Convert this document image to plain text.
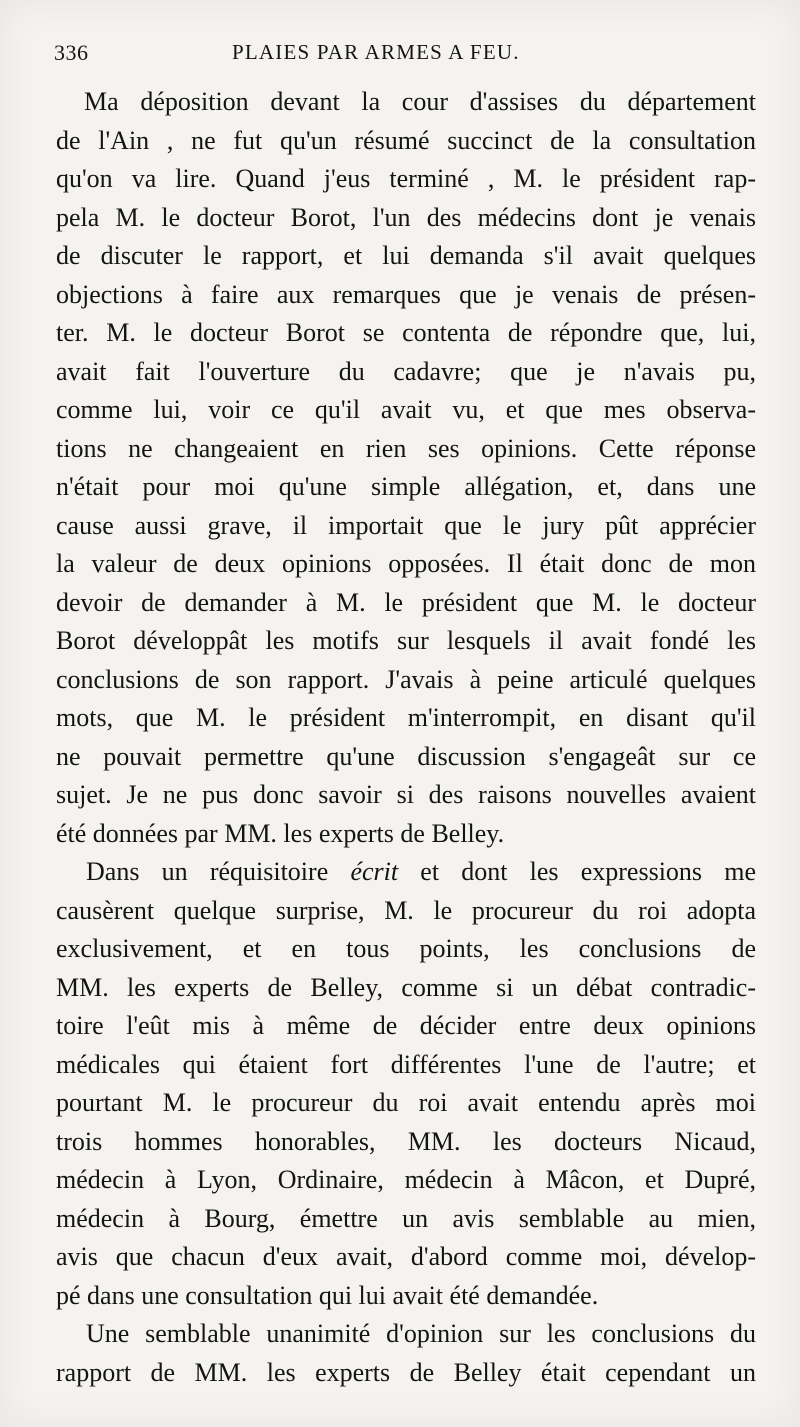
336	PLAIES PAR ARMES A FEU.
Ma déposition devant la cour d'assises du département
de l'Ain , ne fut qu'un résumé succinct de la consultation
qu'on va lire. Quand j'eus terminé , M. le président rap-
pela M. le docteur Borot, l'un des médecins dont je venais
de discuter le rapport, et lui demanda s'il avait quelques
objections à faire aux remarques que je venais de présen-
ter. M. le docteur Borot se contenta de répondre que, lui,
avait fait l'ouverture du cadavre; que je n'avais pu,
comme lui, voir ce qu'il avait vu, et que mes observa-
tions ne changeaient en rien ses opinions. Cette réponse
n'était pour moi qu'une simple allégation, et, dans une
cause aussi grave, il importait que le jury pût apprécier
la valeur de deux opinions opposées. Il était donc de mon
devoir de demander à M. le président que M. le docteur
Borot développât les motifs sur lesquels il avait fondé les
conclusions de son rapport. J'avais à peine articulé quelques
mots, que M. le président m'interrompit, en disant qu'il
ne pouvait permettre qu'une discussion s'engageât sur ce
sujet. Je ne pus donc savoir si des raisons nouvelles avaient
été données par MM. les experts de Belley.
Dans un réquisitoire écrit et dont les expressions me
causèrent quelque surprise, M. le procureur du roi adopta
exclusivement, et en tous points, les conclusions de
MM. les experts de Belley, comme si un débat contradic-
toire l'eût mis à même de décider entre deux opinions
médicales qui étaient fort différentes l'une de l'autre; et
pourtant M. le procureur du roi avait entendu après moi
trois hommes honorables, MM. les docteurs Nicaud,
médecin à Lyon, Ordinaire, médecin à Mâcon, et Dupré,
médecin à Bourg, émettre un avis semblable au mien,
avis que chacun d'eux avait, d'abord comme moi, dévelop-
pé dans une consultation qui lui avait été demandée.
Une semblable unanimité d'opinion sur les conclusions du
rapport de MM. les experts de Belley était cependant un
